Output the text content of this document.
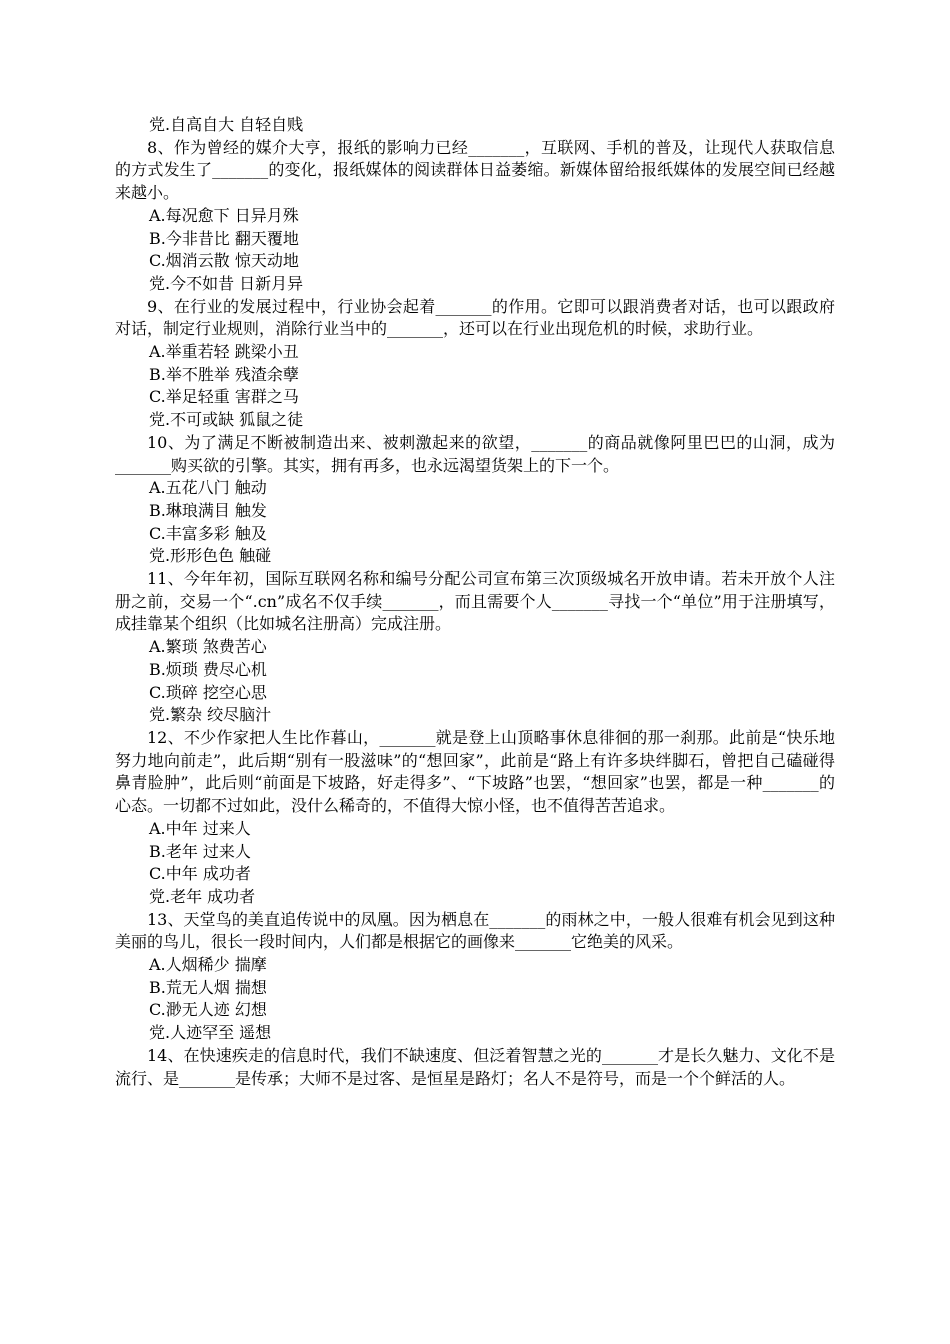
党.自高自大 自轻自贱

8、作为曾经的媒介大亨，报纸的影响力已经_______，互联网、手机的普及，让现代人获取信息的方式发生了_______的变化，报纸媒体的阅读群体日益萎缩。新媒体留给报纸媒体的发展空间已经越来越小。

A.每况愈下 日异月殊

B.今非昔比 翻天覆地

C.烟消云散 惊天动地

党.今不如昔 日新月异

9、在行业的发展过程中，行业协会起着_______的作用。它即可以跟消费者对话，也可以跟政府对话，制定行业规则，消除行业当中的_______，还可以在行业出现危机的时候，求助行业。

A.举重若轻 跳梁小丑

B.举不胜举 残渣余孽

C.举足轻重 害群之马

党.不可或缺 狐鼠之徒

10、为了满足不断被制造出来、被刺激起来的欲望，_______的商品就像阿里巴巴的山洞，成为_______购买欲的引擎。其实，拥有再多，也永远渴望货架上的下一个。

A.五花八门 触动

B.琳琅满目 触发

C.丰富多彩 触及

党.形形色色 触碰

11、今年年初，国际互联网名称和编号分配公司宣布第三次顶级城名开放申请。若未开放个人注册之前，交易一个“.cn”成名不仅手续_______，而且需要个人_______寻找一个“单位”用于注册填写，成挂靠某个组织（比如城名注册高）完成注册。

A.繁琐 煞费苦心

B.烦琐 费尽心机

C.琐碎 挖空心思

党.繁杂 绞尽脑汁

12、不少作家把人生比作暮山，_______就是登上山顶略事休息徘徊的那一刹那。此前是“快乐地努力地向前走”，此后期“别有一股滋味”的“想回家”，此前是“路上有许多块绊脚石，曾把自己磕碰得鼻青脸肿”，此后则“前面是下坡路，好走得多”、“下坡路”也罢，“想回家”也罢，都是一种_______的心态。一切都不过如此，没什么稀奇的，不值得大惊小怪，也不值得苦苦追求。

A.中年 过来人

B.老年 过来人

C.中年 成功者

党.老年 成功者

13、天堂鸟的美直追传说中的凤凰。因为栖息在_______的雨林之中，一般人很难有机会见到这种美丽的鸟儿，很长一段时间内，人们都是根据它的画像来_______它绝美的风采。

A.人烟稀少 揣摩

B.荒无人烟 揣想

C.渺无人迹 幻想

党.人迹罕至 遥想

14、在快速疾走的信息时代，我们不缺速度、但泛着智慧之光的_______才是长久魅力、文化不是流行、是_______是传承；大师不是过客、是恒星是路灯；名人不是符号，而是一个个鲜活的人。
